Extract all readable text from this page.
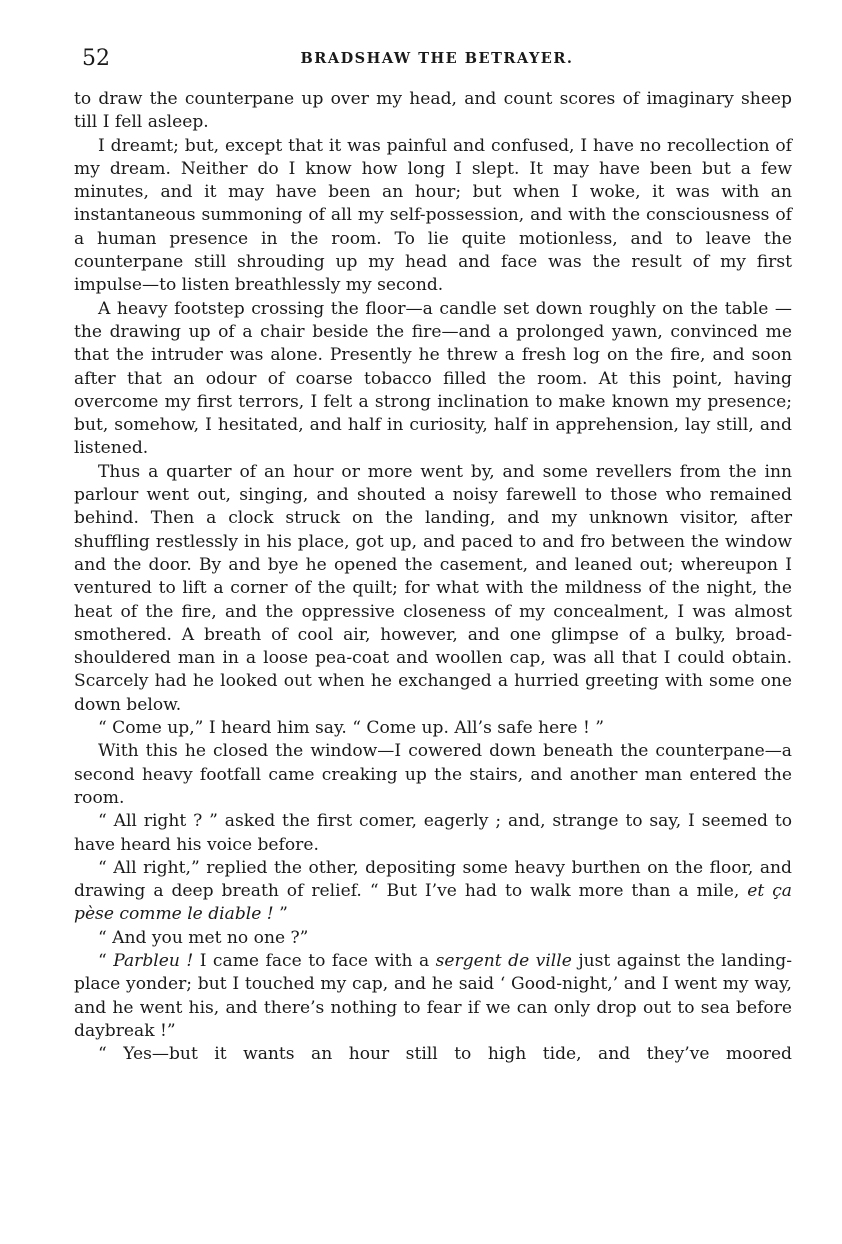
52	BRADSHAW THE BETRAYER.

to draw the counterpane up over my head, and count scores of imaginary sheep till I fell asleep.

I dreamt; but, except that it was painful and confused, I have no recollection of my dream. Neither do I know how long I slept. It may have been but a few minutes, and it may have been an hour; but when I woke, it was with an instantaneous summoning of all my self-possession, and with the consciousness of a human presence in the room. To lie quite motionless, and to leave the counterpane still shrouding up my head and face was the result of my first impulse—to listen breathlessly my second.

A heavy footstep crossing the floor—a candle set down roughly on the table — the drawing up of a chair beside the fire—and a prolonged yawn, convinced me that the intruder was alone. Presently he threw a fresh log on the fire, and soon after that an odour of coarse tobacco filled the room. At this point, having overcome my first terrors, I felt a strong inclination to make known my presence; but, somehow, I hesitated, and half in curiosity, half in apprehension, lay still, and listened.

Thus a quarter of an hour or more went by, and some revellers from the inn parlour went out, singing, and shouted a noisy farewell to those who remained behind. Then a clock struck on the landing, and my unknown visitor, after shuffling restlessly in his place, got up, and paced to and fro between the window and the door. By and bye he opened the casement, and leaned out; whereupon I ventured to lift a corner of the quilt; for what with the mildness of the night, the heat of the fire, and the oppressive closeness of my concealment, I was almost smothered. A breath of cool air, however, and one glimpse of a bulky, broad-shouldered man in a loose pea-coat and woollen cap, was all that I could obtain. Scarcely had he looked out when he exchanged a hurried greeting with some one down below.

“ Come up,” I heard him say. “ Come up. All’s safe here ! ”

With this he closed the window—I cowered down beneath the counterpane—a second heavy footfall came creaking up the stairs, and another man entered the room.

“ All right ? ” asked the first comer, eagerly ; and, strange to say, I seemed to have heard his voice before.

“ All right,” replied the other, depositing some heavy burthen on the floor, and drawing a deep breath of relief. “ But I’ve had to walk more than a mile, et ça pèse comme le diable ! ”

“ And you met no one ?”

“ Parbleu ! I came face to face with a sergent de ville just against the landing-place yonder; but I touched my cap, and he said ‘ Good-night,’ and I went my way, and he went his, and there’s nothing to fear if we can only drop out to sea before daybreak !”

“ Yes—but it wants an hour still to high tide, and they’ve moored
